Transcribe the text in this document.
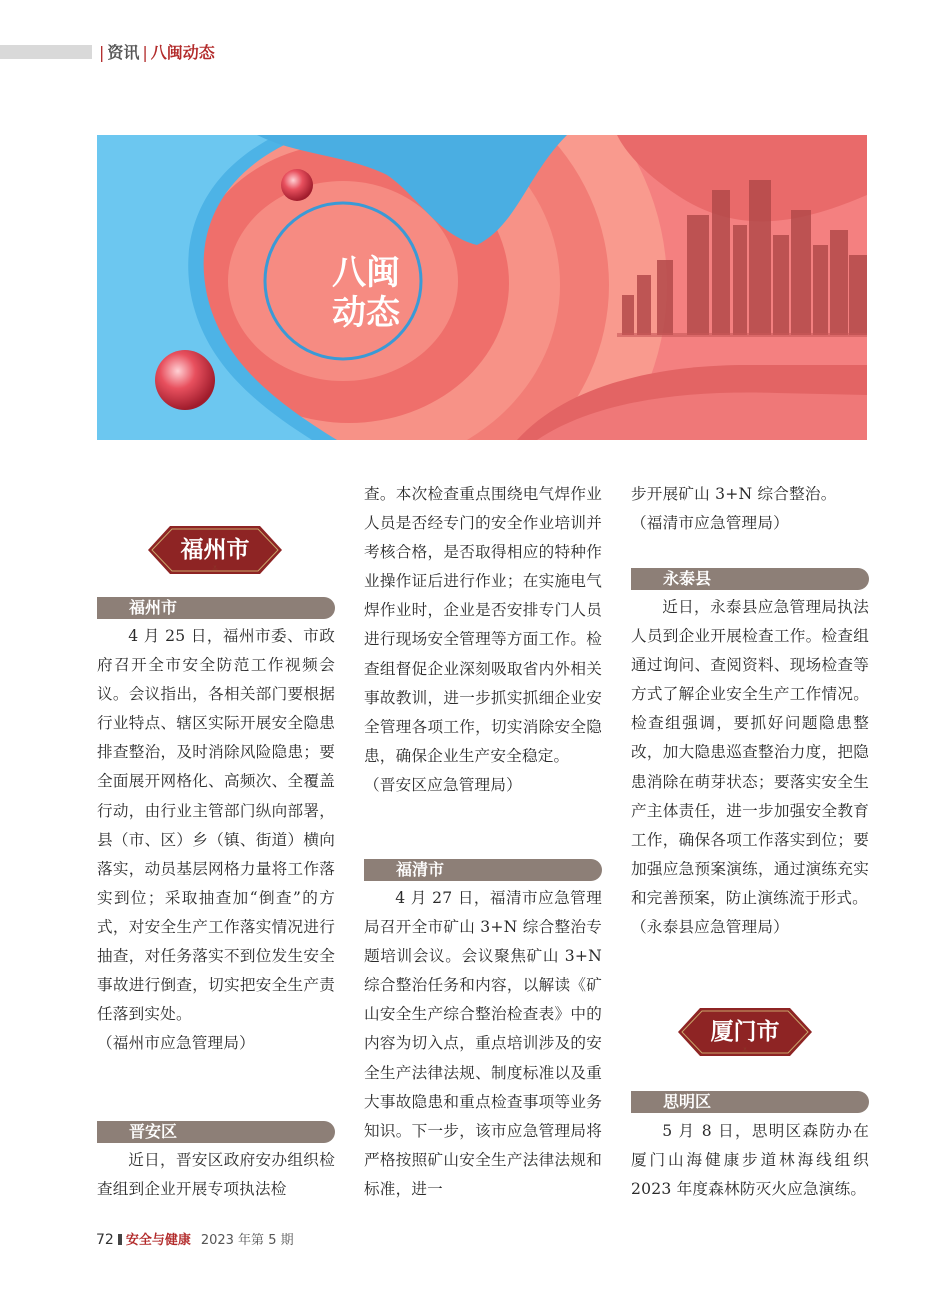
| 资讯 | 八闽动态
八闽
动态
福州市
⩡
福州市

4 月 25 日，福州市委、市政府召开全市安全防范工作视频会议。会议指出，各相关部门要根据行业特点、辖区实际开展安全隐患排查整治，及时消除风险隐患；要全面展开网格化、高频次、全覆盖行动，由行业主管部门纵向部署，县（市、区）乡（镇、街道）横向落实，动员基层网格力量将工作落实到位；采取抽查加“倒查”的方式，对安全生产工作落实情况进行抽查，对任务落实不到位发生安全事故进行倒查，切实把安全生产责任落到实处。

（福州市应急管理局）

晋安区

近日，晋安区政府安办组织检查组到企业开展专项执法检

查。本次检查重点围绕电气焊作业人员是否经专门的安全作业培训并考核合格，是否取得相应的特种作业操作证后进行作业；在实施电气焊作业时，企业是否安排专门人员进行现场安全管理等方面工作。检查组督促企业深刻吸取省内外相关事故教训，进一步抓实抓细企业安全管理各项工作，切实消除安全隐患，确保企业生产安全稳定。

（晋安区应急管理局）

福清市

4 月 27 日，福清市应急管理局召开全市矿山 3+N 综合整治专题培训会议。会议聚焦矿山 3+N 综合整治任务和内容，以解读《矿山安全生产综合整治检查表》中的内容为切入点，重点培训涉及的安全生产法律法规、制度标准以及重大事故隐患和重点检查事项等业务知识。下一步，该市应急管理局将严格按照矿山安全生产法律法规和标准，进一

步开展矿山 3+N 综合整治。

（福清市应急管理局）

永泰县

近日，永泰县应急管理局执法人员到企业开展检查工作。检查组通过询问、查阅资料、现场检查等方式了解企业安全生产工作情况。检查组强调，要抓好问题隐患整改，加大隐患巡查整治力度，把隐患消除在萌芽状态；要落实安全生产主体责任，进一步加强安全教育工作，确保各项工作落实到位；要加强应急预案演练，通过演练充实和完善预案，防止演练流于形式。

（永泰县应急管理局）

厦门市
⩡
思明区

5 月 8 日，思明区森防办在厦门山海健康步道林海线组织 2023 年度森林防灭火应急演练。

72 安全与健康 2023 年第 5 期
